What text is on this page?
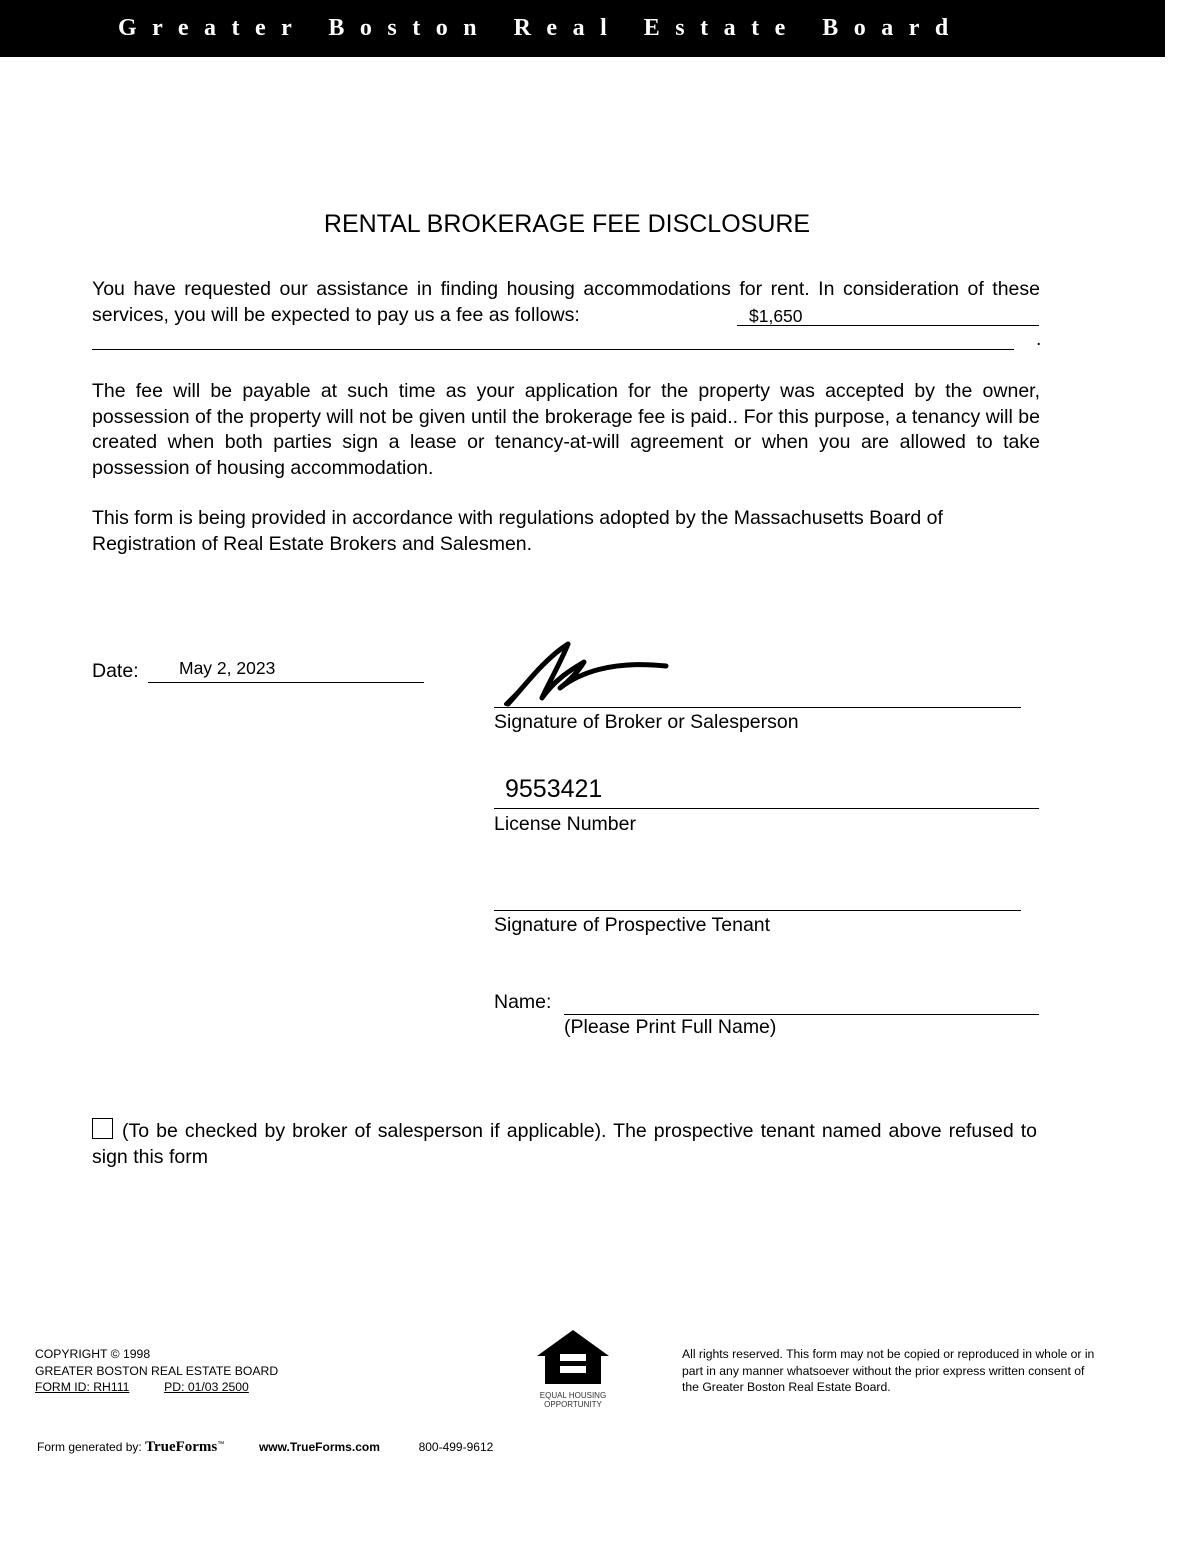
Greater Boston Real Estate Board
RENTAL BROKERAGE FEE DISCLOSURE
You have requested our assistance in finding housing accommodations for rent. In consideration of these services, you will be expected to pay us a fee as follows:	$1,650
.
The fee will be payable at such time as your application for the property was accepted by the owner, possession of the property will not be given until the brokerage fee is paid.. For this purpose, a tenancy will be created when both parties sign a lease or tenancy-at-will agreement or when you are allowed to take possession of housing accommodation.
This form is being provided in accordance with regulations adopted by the Massachusetts Board of Registration of Real Estate Brokers and Salesmen.
Date: May 2, 2023
Signature of Broker or Salesperson
9553421
License Number
Signature of Prospective Tenant
Name:
(Please Print Full Name)
(To be checked by broker of salesperson if applicable). The prospective tenant named above refused to sign this form
COPYRIGHT © 1998
GREATER BOSTON REAL ESTATE BOARD
FORM ID: RH111	PD: 01/03 2500
EQUAL HOUSING
OPPORTUNITY
All rights reserved. This form may not be copied or reproduced in whole or in part in any manner whatsoever without the prior express written consent of the Greater Boston Real Estate Board.
Form generated by: TrueForms™	www.TrueForms.com	800-499-9612
